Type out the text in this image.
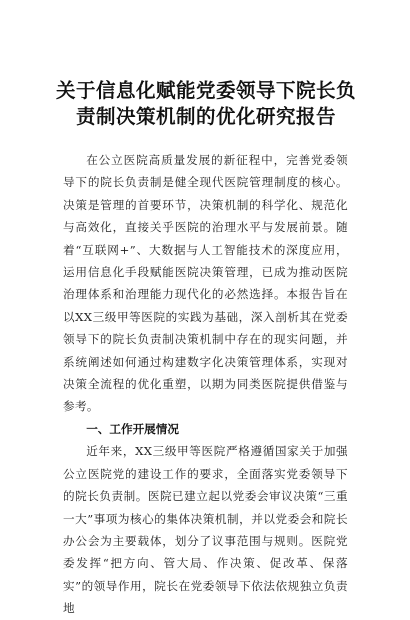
关于信息化赋能党委领导下院长负责制决策机制的优化研究报告

在公立医院高质量发展的新征程中，完善党委领导下的院长负责制是健全现代医院管理制度的核心。决策是管理的首要环节，决策机制的科学化、规范化与高效化，直接关乎医院的治理水平与发展前景。随着“互联网+”、大数据与人工智能技术的深度应用，运用信息化手段赋能医院决策管理，已成为推动医院治理体系和治理能力现代化的必然选择。本报告旨在以XX三级甲等医院的实践为基础，深入剖析其在党委领导下的院长负责制决策机制中存在的现实问题，并系统阐述如何通过构建数字化决策管理体系，实现对决策全流程的优化重塑，以期为同类医院提供借鉴与参考。

一、工作开展情况

近年来，XX三级甲等医院严格遵循国家关于加强公立医院党的建设工作的要求，全面落实党委领导下的院长负责制。医院已建立起以党委会审议决策“三重一大”事项为核心的集体决策机制，并以党委会和院长办公会为主要载体，划分了议事范围与规则。医院党委发挥“把方向、管大局、作决策、促改革、保落实”的领导作用，院长在党委领导下依法依规独立负责地
